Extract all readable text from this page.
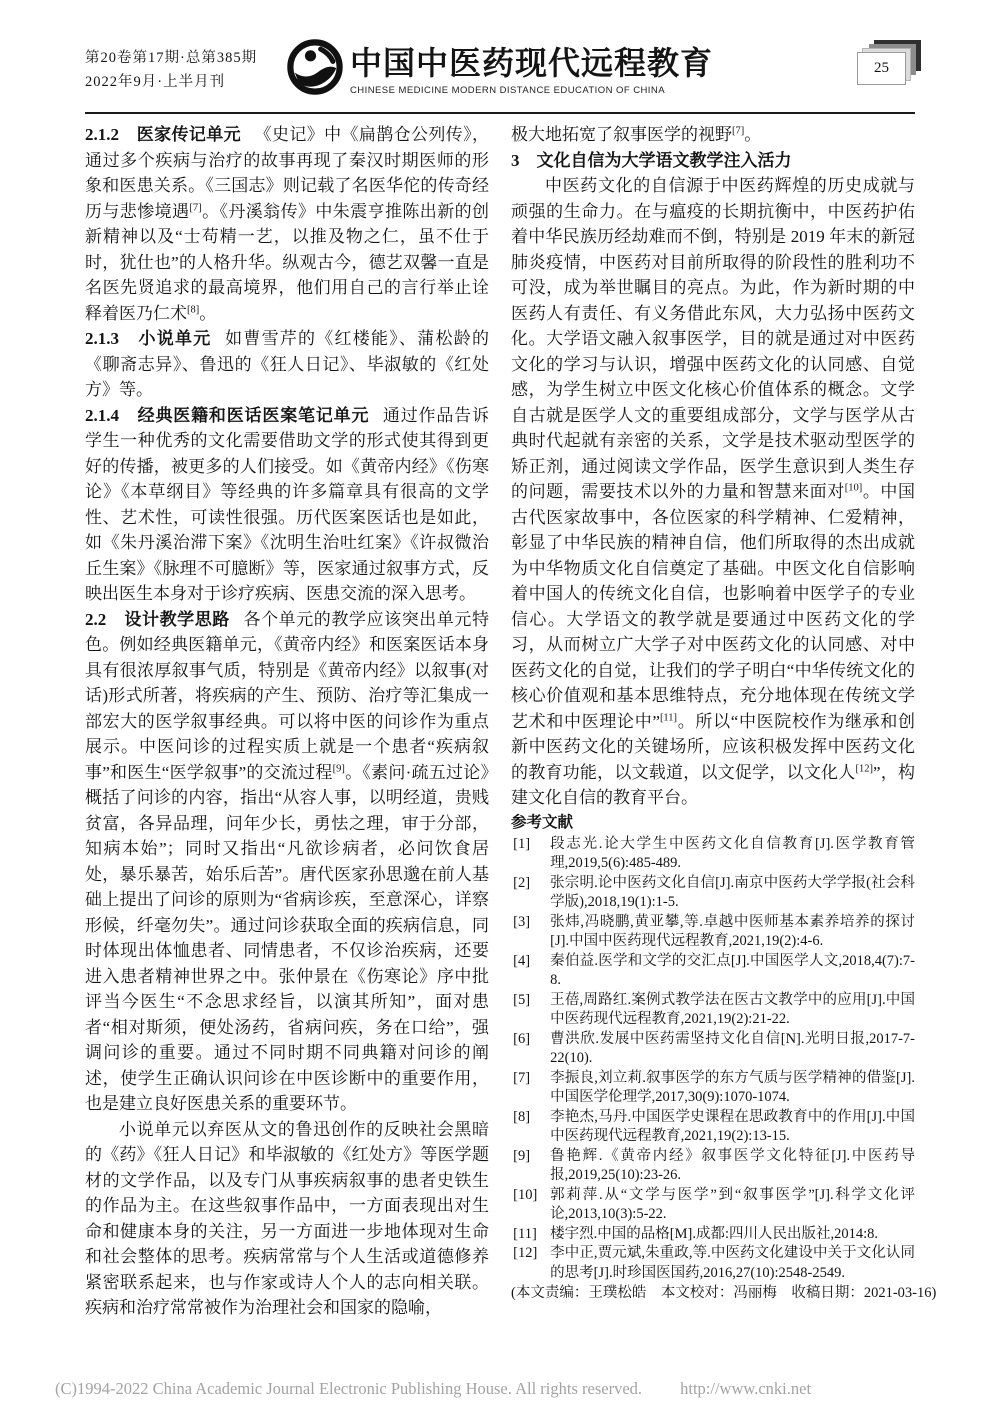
第20卷第17期·总第385期
2022年9月·上半月刊
中国中医药现代远程教育
CHINESE MEDICINE MODERN DISTANCE EDUCATION OF CHINA
25

2.1.2　医家传记单元 《史记》中《扁鹊仓公列传》，通过多个疾病与治疗的故事再现了秦汉时期医师的形象和医患关系。《三国志》则记载了名医华佗的传奇经历与悲惨境遇[7]。《丹溪翁传》中朱震亨推陈出新的创新精神以及“士苟精一艺，以推及物之仁，虽不仕于时，犹仕也”的人格升华。纵观古今，德艺双馨一直是名医先贤追求的最高境界，他们用自己的言行举止诠释着医乃仁术[8]。

2.1.3　小说单元 如曹雪芹的《红楼能》、蒲松龄的《聊斋志异》、鲁迅的《狂人日记》、毕淑敏的《红处方》等。

2.1.4　经典医籍和医话医案笔记单元 通过作品告诉学生一种优秀的文化需要借助文学的形式使其得到更好的传播，被更多的人们接受。如《黄帝内经》《伤寒论》《本草纲目》等经典的许多篇章具有很高的文学性、艺术性，可读性很强。历代医案医话也是如此，如《朱丹溪治滞下案》《沈明生治吐红案》《许叔微治丘生案》《脉理不可臆断》等，医家通过叙事方式，反映出医生本身对于诊疗疾病、医患交流的深入思考。

2.2　设计教学思路 各个单元的教学应该突出单元特色。例如经典医籍单元，《黄帝内经》和医案医话本身具有很浓厚叙事气质，特别是《黄帝内经》以叙事(对话)形式所著，将疾病的产生、预防、治疗等汇集成一部宏大的医学叙事经典。可以将中医的问诊作为重点展示。中医问诊的过程实质上就是一个患者“疾病叙事”和医生“医学叙事”的交流过程[9]。《素问·疏五过论》概括了问诊的内容，指出“从容人事，以明经道，贵贱贫富，各异品理，问年少长，勇怯之理，审于分部，知病本始”；同时又指出“凡欲诊病者，必问饮食居处，暴乐暴苦，始乐后苦”。唐代医家孙思邈在前人基础上提出了问诊的原则为“省病诊疾，至意深心，详察形候，纤毫勿失”。通过问诊获取全面的疾病信息，同时体现出体恤患者、同情患者，不仅诊治疾病，还要进入患者精神世界之中。张仲景在《伤寒论》序中批评当今医生“不念思求经旨，以演其所知”，面对患者“相对斯须，便处汤药，省病问疾，务在口给”，强调问诊的重要。通过不同时期不同典籍对问诊的阐述，使学生正确认识问诊在中医诊断中的重要作用，也是建立良好医患关系的重要环节。

小说单元以弃医从文的鲁迅创作的反映社会黑暗的《药》《狂人日记》和毕淑敏的《红处方》等医学题材的文学作品，以及专门从事疾病叙事的患者史铁生的作品为主。在这些叙事作品中，一方面表现出对生命和健康本身的关注，另一方面进一步地体现对生命和社会整体的思考。疾病常常与个人生活或道德修养紧密联系起来，也与作家或诗人个人的志向相关联。疾病和治疗常常被作为治理社会和国家的隐喻，

极大地拓宽了叙事医学的视野[7]。

3　文化自信为大学语文教学注入活力

中医药文化的自信源于中医药辉煌的历史成就与顽强的生命力。在与瘟疫的长期抗衡中，中医药护佑着中华民族历经劫难而不倒，特别是 2019 年末的新冠肺炎疫情，中医药对目前所取得的阶段性的胜利功不可没，成为举世瞩目的亮点。为此，作为新时期的中医药人有责任、有义务借此东风，大力弘扬中医药文化。大学语文融入叙事医学，目的就是通过对中医药文化的学习与认识，增强中医药文化的认同感、自觉感，为学生树立中医文化核心价值体系的概念。文学自古就是医学人文的重要组成部分，文学与医学从古典时代起就有亲密的关系，文学是技术驱动型医学的矫正剂，通过阅读文学作品，医学生意识到人类生存的问题，需要技术以外的力量和智慧来面对[10]。中国古代医家故事中，各位医家的科学精神、仁爱精神，彰显了中华民族的精神自信，他们所取得的杰出成就为中华物质文化自信奠定了基础。中医文化自信影响着中国人的传统文化自信，也影响着中医学子的专业信心。大学语文的教学就是要通过中医药文化的学习，从而树立广大学子对中医药文化的认同感、对中医药文化的自觉，让我们的学子明白“中华传统文化的核心价值观和基本思维特点，充分地体现在传统文学艺术和中医理论中”[11]。所以“中医院校作为继承和创新中医药文化的关键场所，应该积极发挥中医药文化的教育功能，以文载道，以文促学，以文化人[12]”，构建文化自信的教育平台。

参考文献

[1] 段志光.论大学生中医药文化自信教育[J].医学教育管理,2019,5(6):485-489.
[2] 张宗明.论中医药文化自信[J].南京中医药大学学报(社会科学版),2018,19(1):1-5.
[3] 张炜,冯晓鹏,黄亚攀,等.卓越中医师基本素养培养的探讨[J].中国中医药现代远程教育,2021,19(2):4-6.
[4] 秦伯益.医学和文学的交汇点[J].中国医学人文,2018,4(7):7-8.
[5] 王蓓,周路红.案例式教学法在医古文教学中的应用[J].中国中医药现代远程教育,2021,19(2):21-22.
[6] 曹洪欣.发展中医药需坚持文化自信[N].光明日报,2017-7-22(10).
[7] 李振良,刘立莉.叙事医学的东方气质与医学精神的借鉴[J].中国医学伦理学,2017,30(9):1070-1074.
[8] 李艳杰,马丹.中国医学史课程在思政教育中的作用[J].中国中医药现代远程教育,2021,19(2):13-15.
[9] 鲁艳辉.《黄帝内经》叙事医学文化特征[J].中医药导报,2019,25(10):23-26.
[10] 郭莉萍.从“文学与医学”到“叙事医学”[J].科学文化评论,2013,10(3):5-22.
[11] 楼宇烈.中国的品格[M].成都:四川人民出版社,2014:8.
[12] 李中正,贾元斌,朱重政,等.中医药文化建设中关于文化认同的思考[J].时珍国医国药,2016,27(10):2548-2549.

(本文责编：王璞松皓　本文校对：冯丽梅　收稿日期：2021-03-16)

(C)1994-2022 China Academic Journal Electronic Publishing House. All rights reserved. http://www.cnki.net
